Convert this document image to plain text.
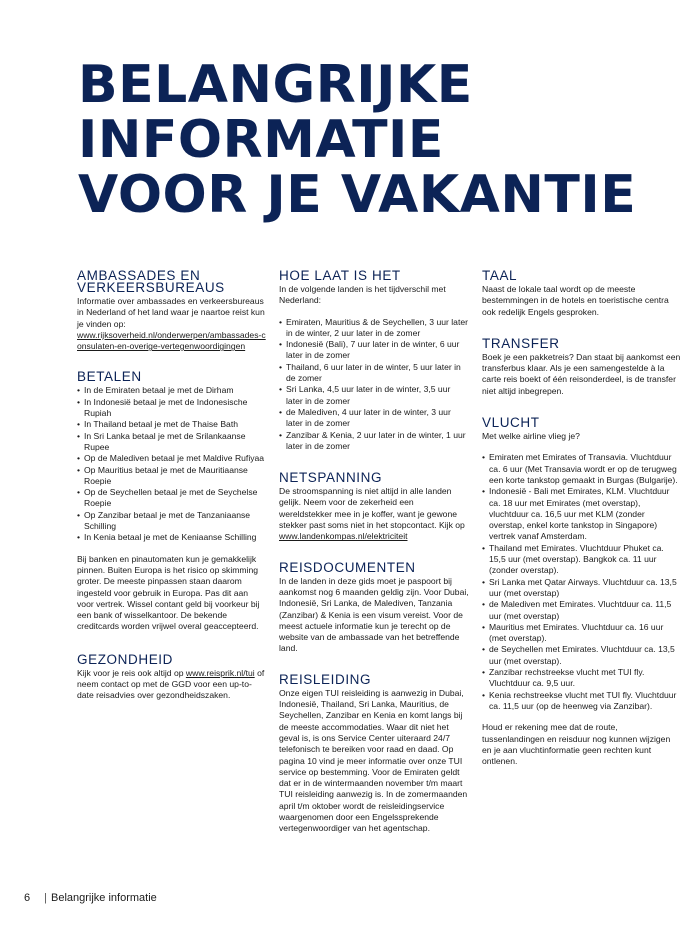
BELANGRIJKE
INFORMATIE
VOOR JE VAKANTIE
AMBASSADES EN
VERKEERSBUREAUS

Informatie over ambassades en verkeersbureaus in Nederland of het land waar je naartoe reist kun je vinden op:

www.rijksoverheid.nl/onderwerpen/ambassades-consulaten-en-overige-vertegenwoordigingen

BETALEN
• In de Emiraten betaal je met de Dirham
• In Indonesië betaal je met de Indonesische Rupiah
• In Thailand betaal je met de Thaise Bath
• In Sri Lanka betaal je met de Srilankaanse Rupee
• Op de Malediven betaal je met Maldive Rufiyaa
• Op Mauritius betaal je met de Mauritiaanse Roepie
• Op de Seychellen betaal je met de Seychelse Roepie
• Op Zanzibar betaal je met de Tanzaniaanse Schilling
• In Kenia betaal je met de Keniaanse Schilling

Bij banken en pinautomaten kun je gemakkelijk pinnen. Buiten Europa is het risico op skimming groter. De meeste pinpassen staan daarom ingesteld voor gebruik in Europa. Pas dit aan voor vertrek. Wissel contant geld bij voorkeur bij een bank of wisselkantoor. De bekende creditcards worden vrijwel overal geaccepteerd.

GEZONDHEID

Kijk voor je reis ook altijd op www.reisprik.nl/tui of neem contact op met de GGD voor een up-to-date reisadvies over gezondheidszaken.

HOE LAAT IS HET

In de volgende landen is het tijdverschil met Nederland:

• Emiraten, Mauritius & de Seychellen, 3 uur later in de winter, 2 uur later in de zomer
• Indonesië (Bali), 7 uur later in de winter, 6 uur later in de zomer
• Thailand, 6 uur later in de winter, 5 uur later in de zomer
• Sri Lanka, 4,5 uur later in de winter, 3,5 uur later in de zomer
• de Malediven, 4 uur later in de winter, 3 uur later in de zomer
• Zanzibar & Kenia, 2 uur later in de winter, 1 uur later in de zomer
NETSPANNING

De stroomspanning is niet altijd in alle landen gelijk. Neem voor de zekerheid een wereldstekker mee in je koffer, want je gewone stekker past soms niet in het stopcontact. Kijk op www.landenkompas.nl/elektriciteit

REISDOCUMENTEN

In de landen in deze gids moet je paspoort bij aankomst nog 6 maanden geldig zijn. Voor Dubai, Indonesië, Sri Lanka, de Malediven, Tanzania (Zanzibar) & Kenia is een visum vereist. Voor de meest actuele informatie kun je terecht op de website van de ambassade van het betreffende land.

REISLEIDING

Onze eigen TUI reisleiding is aanwezig in Dubai, Indonesië, Thailand, Sri Lanka, Mauritius, de Seychellen, Zanzibar en Kenia en komt langs bij de meeste accommodaties. Waar dit niet het geval is, is ons Service Center uiteraard 24/7 telefonisch te bereiken voor raad en daad. Op pagina 10 vind je meer informatie over onze TUI service op bestemming. Voor de Emiraten geldt dat er in de wintermaanden november t/m maart TUI reisleiding aanwezig is. In de zomermaanden april t/m oktober wordt de reisleidingservice waargenomen door een Engelssprekende vertegenwoordiger van het agentschap.

TAAL

Naast de lokale taal wordt op de meeste bestemmingen in de hotels en toeristische centra ook redelijk Engels gesproken.

TRANSFER

Boek je een pakketreis? Dan staat bij aankomst een transferbus klaar. Als je een samengestelde à la carte reis boekt of één reisonderdeel, is de transfer niet altijd inbegrepen.

VLUCHT

Met welke airline vlieg je?

• Emiraten met Emirates of Transavia. Vluchtduur ca. 6 uur (Met Transavia wordt er op de terugweg een korte tankstop gemaakt in Burgas (Bulgarije).
• Indonesië - Bali met Emirates, KLM. Vluchtduur ca. 18 uur met Emirates (met overstap), vluchtduur ca. 16,5 uur met KLM (zonder overstap, enkel korte tankstop in Singapore) vertrek vanaf Amsterdam.
• Thailand met Emirates. Vluchtduur Phuket ca. 15,5 uur (met overstap). Bangkok ca. 11 uur (zonder overstap).
• Sri Lanka met Qatar Airways. Vluchtduur ca. 13,5 uur (met overstap)
• de Malediven met Emirates. Vluchtduur ca. 11,5 uur (met overstap)
• Mauritius met Emirates. Vluchtduur ca. 16 uur (met overstap).
• de Seychellen met Emirates. Vluchtduur ca. 13,5 uur (met overstap).
• Zanzibar rechstreekse vlucht met TUI fly. Vluchtduur ca. 9,5 uur.
• Kenia rechstreekse vlucht met TUI fly. Vluchtduur ca. 11,5 uur (op de heenweg via Zanzibar).

Houd er rekening mee dat de route, tussenlandingen en reisduur nog kunnen wijzigen en je aan vluchtinformatie geen rechten kunt ontlenen.

6 | Belangrijke informatie
